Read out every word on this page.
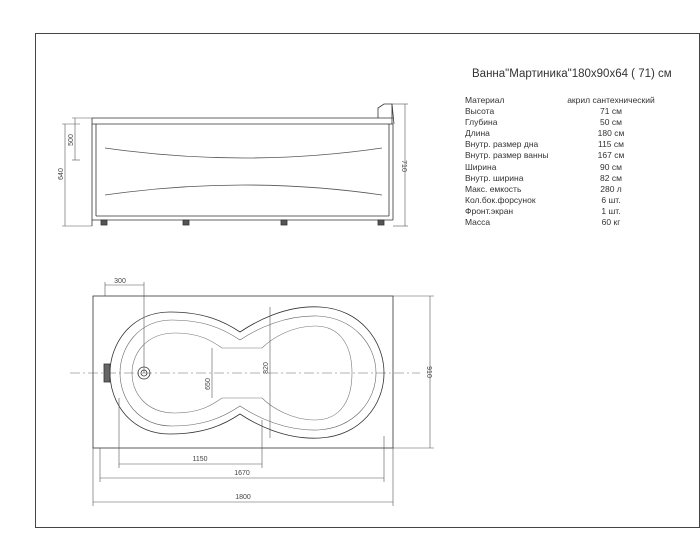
500
640
710
300
650
820	910
1150
1670
1800
Ванна"Мартиника"180х90х64 ( 71) см
Материал	акрил сантехнический
Высота	71 см
Глубина	50 см
Длина	180 см
Внутр. размер дна	115 см
Внутр. размер ванны	167 см
Ширина	90 см
Внутр. ширина	82 см
Макс. емкость	280 л
Кол.бок.форсунок	6 шт.
Фронт.экран	1 шт.
Масса	60 кг
